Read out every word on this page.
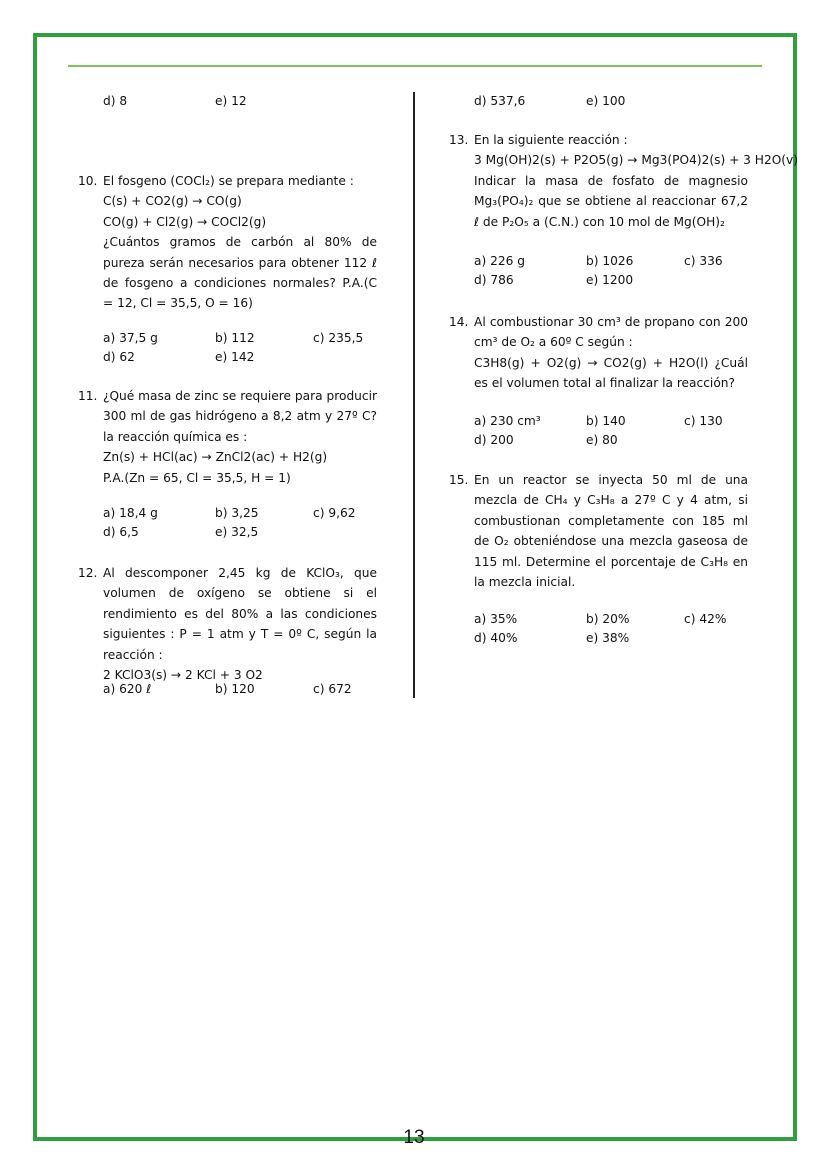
d) 8	e) 12
10. El fosgeno (COCl₂) se prepara mediante :
C(s) + CO2(g) → CO(g)
CO(g) + Cl2(g) → COCl2(g)
¿Cuántos gramos de carbón al 80% de pureza serán necesarios para obtener 112 ℓ de fosgeno a condiciones normales? P.A.(C = 12, Cl = 35,5, O = 16)
a) 37,5 g	b) 112	c) 235,5
d) 62	e) 142
11. ¿Qué masa de zinc se requiere para producir 300 ml de gas hidrógeno a 8,2 atm y 27º C? la reacción química es :
Zn(s) + HCl(ac) → ZnCl2(ac) + H2(g)
P.A.(Zn = 65, Cl = 35,5, H = 1)
a) 18,4 g	b) 3,25	c) 9,62
d) 6,5	e) 32,5
12. Al descomponer 2,45 kg de KClO₃, que volumen de oxígeno se obtiene si el rendimiento es del 80% a las condiciones siguientes : P = 1 atm y T = 0º C, según la reacción :
2 KClO3(s) → 2 KCl + 3 O2
a) 620 ℓ	b) 120	c) 672
d) 537,6	e) 100
13. En la siguiente reacción :
3 Mg(OH)2(s) + P2O5(g) → Mg3(PO4)2(s) + 3 H2O(v)
Indicar la masa de fosfato de magnesio Mg₃(PO₄)₂ que se obtiene al reaccionar 67,2 ℓ de P₂O₅ a (C.N.) con 10 mol de Mg(OH)₂
a) 226 g	b) 1026	c) 336
d) 786	e) 1200
14. Al combustionar 30 cm³ de propano con 200 cm³ de O₂ a 60º C según :
C3H8(g) + O2(g) → CO2(g) + H2O(l) ¿Cuál es el volumen total al finalizar la reacción?
a) 230 cm³	b) 140	c) 130
d) 200	e) 80
15. En un reactor se inyecta 50 ml de una mezcla de CH₄ y C₃H₈ a 27º C y 4 atm, si combustionan completamente con 185 ml de O₂ obteniéndose una mezcla gaseosa de 115 ml. Determine el porcentaje de C₃H₈ en la mezcla inicial.
a) 35%	b) 20%	c) 42%
d) 40%	e) 38%
13
